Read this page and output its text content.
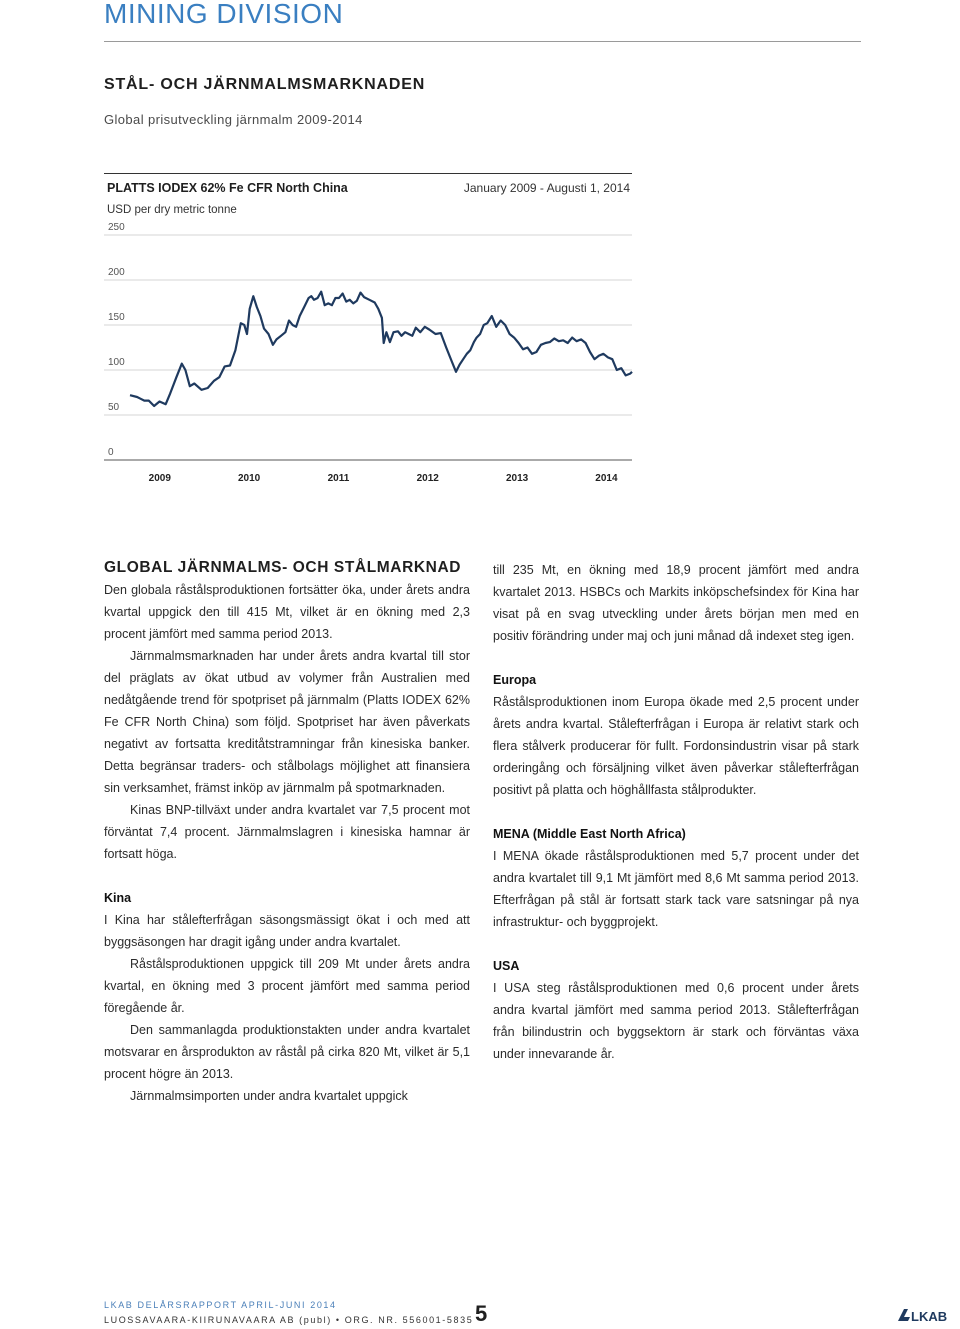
MINING DIVISION
STÅL- OCH JÄRNMALMSMARKNADEN
Global prisutveckling järnmalm 2009-2014
PLATTS IODEX 62% Fe CFR North China	January 2009 - Augusti 1, 2014
USD per dry metric tonne
0
50
100
150
200
250
2009	2010	2011	2012	2013	2014
GLOBAL JÄRNMALMS- OCH STÅLMARKNAD

Den globala råstålsproduktionen fortsätter öka, under årets andra kvartal uppgick den till 415 Mt, vilket är en ökning med 2,3 procent jämfört med samma period 2013.

Järnmalmsmarknaden har under årets andra kvartal till stor del präglats av ökat utbud av volymer från Australien med nedåtgående trend för spotpriset på järnmalm (Platts IODEX 62% Fe CFR North China) som följd. Spotpriset har även påverkats negativt av fortsatta kreditåtstramningar från kinesiska banker. Detta begränsar traders- och stålbolags möjlighet att finansiera sin verksamhet, främst inköp av järnmalm på spotmarknaden.

Kinas BNP-tillväxt under andra kvartalet var 7,5 procent mot förväntat 7,4 procent. Järnmalmslagren i kinesiska hamnar är fortsatt höga.

Kina

I Kina har stålefterfrågan säsongsmässigt ökat i och med att byggsäsongen har dragit igång under andra kvartalet.

Råstålsproduktionen uppgick till 209 Mt under årets andra kvartal, en ökning med 3 procent jämfört med samma period föregående år.

Den sammanlagda produktionstakten under andra kvartalet motsvarar en årsprodukton av råstål på cirka 820 Mt, vilket är 5,1 procent högre än 2013.

Järnmalmsimporten under andra kvartalet uppgick

till 235 Mt, en ökning med 18,9 procent jämfört med andra kvartalet 2013. HSBCs och Markits inköpschefsindex för Kina har visat på en svag utveckling under årets början men med en positiv förändring under maj och juni månad då indexet steg igen.

Europa

Råstålsproduktionen inom Europa ökade med 2,5 procent under årets andra kvartal. Stålefterfrågan i Europa är relativt stark och flera stålverk producerar för fullt. Fordonsindustrin visar på stark orderingång och försäljning vilket även påverkar stålefterfrågan positivt på platta och höghållfasta stålprodukter.

MENA (Middle East North Africa)

I MENA ökade råstålsproduktionen med 5,7 procent under det andra kvartalet till 9,1 Mt jämfört med 8,6 Mt samma period 2013. Efterfrågan på stål är fortsatt stark tack vare satsningar på nya infrastruktur- och byggprojekt.

USA

I USA steg råstålsproduktionen med 0,6 procent under årets andra kvartal jämfört med samma period 2013. Stålefterfrågan från bilindustrin och byggsektorn är stark och förväntas växa under innevarande år.

LKAB DELÅRSRAPPORT APRIL-JUNI 2014
LUOSSAVAARA-KIIRUNAVAARA AB (publ) • ORG. NR. 556001-5835 5	LKAB
